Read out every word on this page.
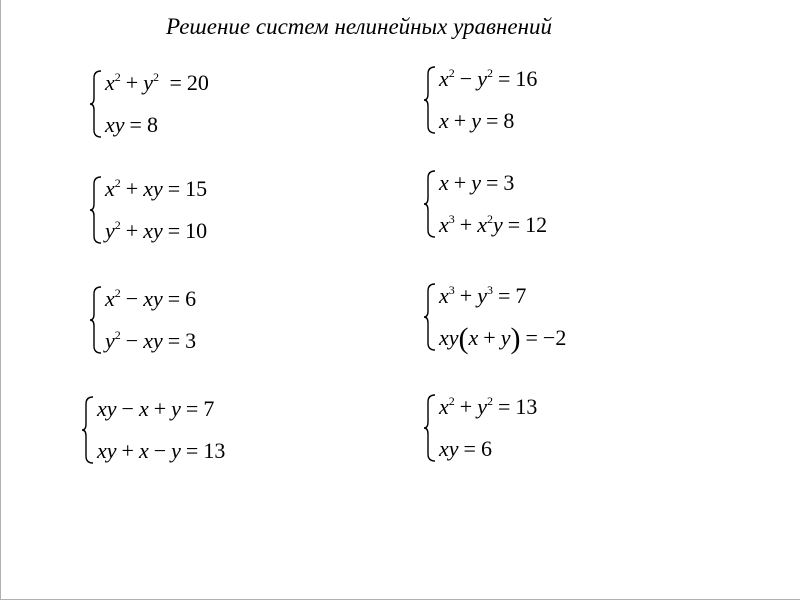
Решение систем нелинейных уравнений
$x^2 + y^2 = 20$
xy = 8
$x^2 - y^2 = 16$
x + y = 8
$x^2$ + xy = 15
$y^2$ + xy = 10
x + y = 3
$x^3 + x^2y = 12$
$x^2$ − xy = 6
$y^2$ − xy = 3
$x^3 + y^3 = 7$
xy(x + y) = −2
xy − x + y = 7
xy + x − y = 13
$x^2 + y^2 = 13$
xy = 6
